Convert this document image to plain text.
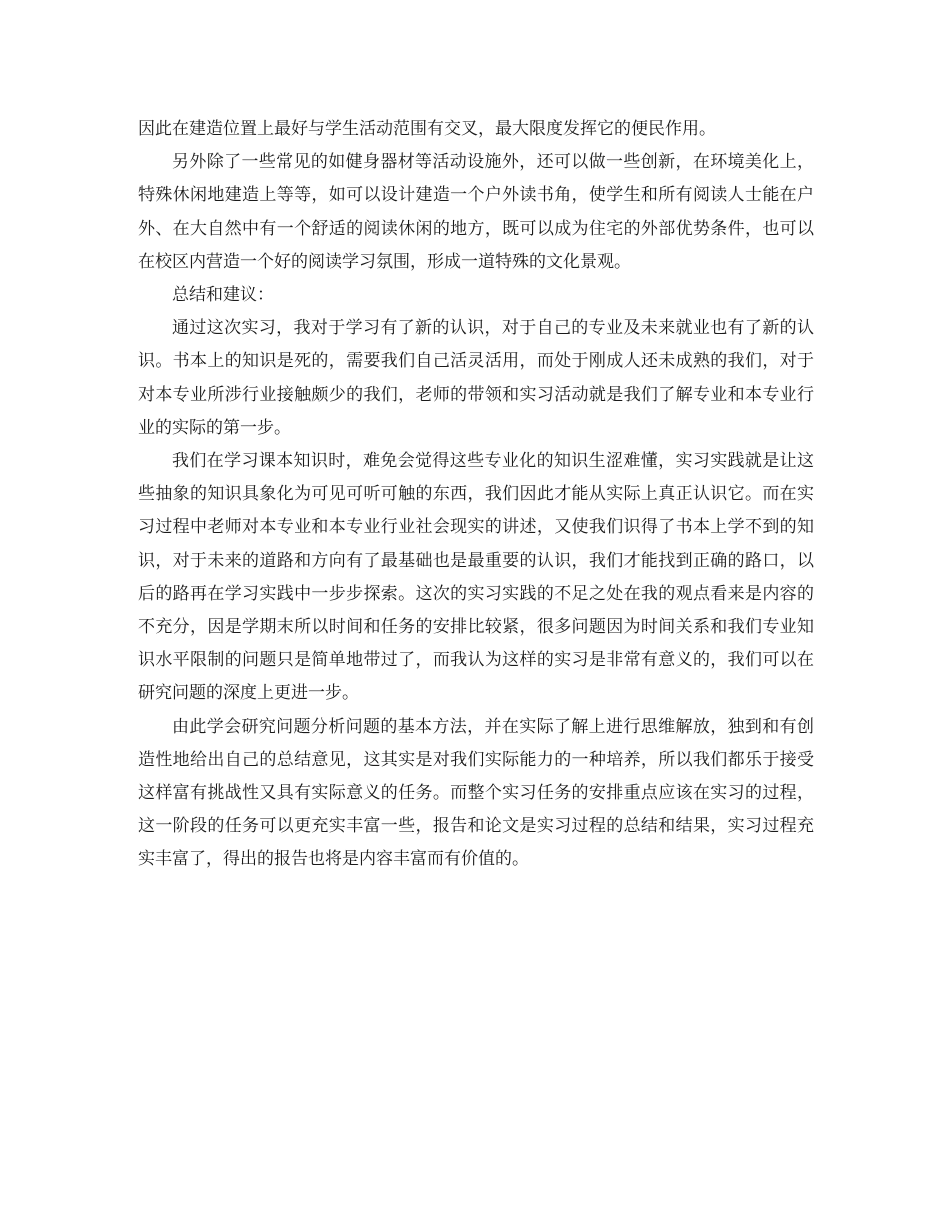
因此在建造位置上最好与学生活动范围有交叉，最大限度发挥它的便民作用。

另外除了一些常见的如健身器材等活动设施外，还可以做一些创新，在环境美化上，特殊休闲地建造上等等，如可以设计建造一个户外读书角，使学生和所有阅读人士能在户外、在大自然中有一个舒适的阅读休闲的地方，既可以成为住宅的外部优势条件，也可以在校区内营造一个好的阅读学习氛围，形成一道特殊的文化景观。

总结和建议：

通过这次实习，我对于学习有了新的认识，对于自己的专业及未来就业也有了新的认识。书本上的知识是死的，需要我们自己活灵活用，而处于刚成人还未成熟的我们，对于对本专业所涉行业接触颇少的我们，老师的带领和实习活动就是我们了解专业和本专业行业的实际的第一步。

我们在学习课本知识时，难免会觉得这些专业化的知识生涩难懂，实习实践就是让这些抽象的知识具象化为可见可听可触的东西，我们因此才能从实际上真正认识它。而在实习过程中老师对本专业和本专业行业社会现实的讲述，又使我们识得了书本上学不到的知识，对于未来的道路和方向有了最基础也是最重要的认识，我们才能找到正确的路口，以后的路再在学习实践中一步步探索。这次的实习实践的不足之处在我的观点看来是内容的不充分，因是学期末所以时间和任务的安排比较紧，很多问题因为时间关系和我们专业知识水平限制的问题只是简单地带过了，而我认为这样的实习是非常有意义的，我们可以在研究问题的深度上更进一步。

由此学会研究问题分析问题的基本方法，并在实际了解上进行思维解放，独到和有创造性地给出自己的总结意见，这其实是对我们实际能力的一种培养，所以我们都乐于接受这样富有挑战性又具有实际意义的任务。而整个实习任务的安排重点应该在实习的过程，这一阶段的任务可以更充实丰富一些，报告和论文是实习过程的总结和结果，实习过程充实丰富了，得出的报告也将是内容丰富而有价值的。
